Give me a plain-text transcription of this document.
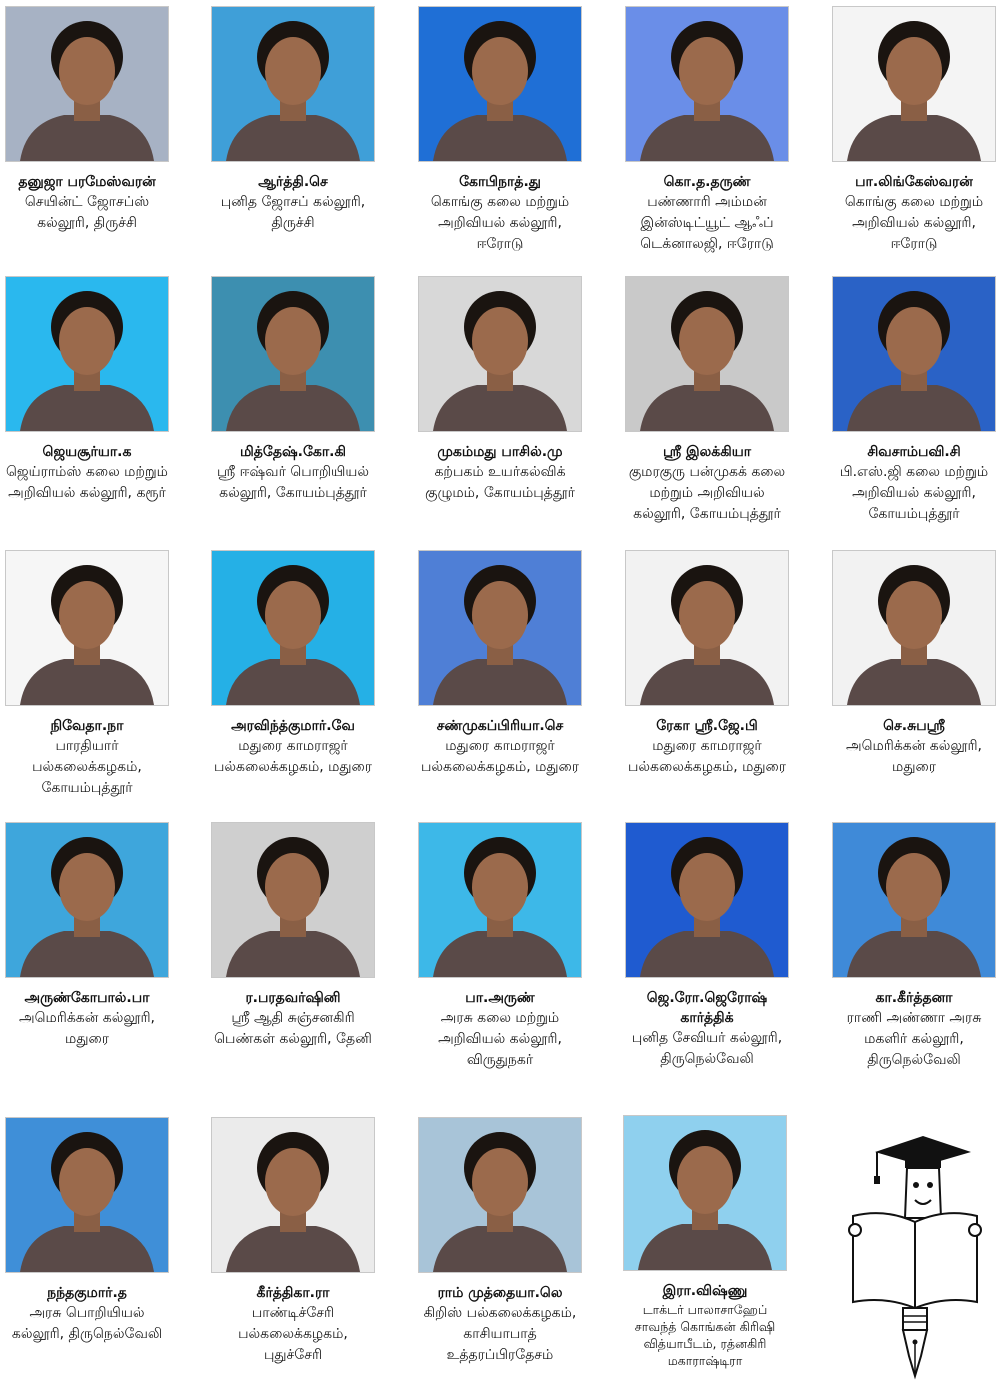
தனுஜா பரமேஸ்வரன்
செயின்ட் ஜோசப்ஸ் கல்லூரி, திருச்சி
ஆர்த்தி.செ
புனித ஜோசப் கல்லூரி, திருச்சி
கோபிநாத்.து
கொங்கு கலை மற்றும் அறிவியல் கல்லூரி, ஈரோடு
கொ.த.தருண்
பண்ணாரி அம்மன் இன்ஸ்டிட்யூட் ஆஃப் டெக்னாலஜி, ஈரோடு
பா.லிங்கேஸ்வரன்
கொங்கு கலை மற்றும் அறிவியல் கல்லூரி, ஈரோடு
ஜெயசூர்யா.க
ஜெய்ராம்ஸ் கலை மற்றும் அறிவியல் கல்லூரி, கரூர்
மித்தேஷ்.கோ.கி
ஸ்ரீ ஈஷ்வர் பொறியியல் கல்லூரி, கோயம்புத்தூர்
முகம்மது பாசில்.மு
கற்பகம் உயர்கல்விக் குழுமம், கோயம்புத்தூர்
ஸ்ரீ இலக்கியா
குமரகுரு பன்முகக் கலை மற்றும் அறிவியல் கல்லூரி, கோயம்புத்தூர்
சிவசாம்பவி.சி
பி.எஸ்.ஜி கலை மற்றும் அறிவியல் கல்லூரி, கோயம்புத்தூர்
நிவேதா.நா
பாரதியார் பல்கலைக்கழகம், கோயம்புத்தூர்
அரவிந்த்குமார்.வே
மதுரை காமராஜர் பல்கலைக்கழகம், மதுரை
சண்முகப்பிரியா.செ
மதுரை காமராஜர் பல்கலைக்கழகம், மதுரை
ரேகா ஸ்ரீ.ஜே.பி
மதுரை காமராஜர் பல்கலைக்கழகம், மதுரை
செ.சுபஸ்ரீ
அமெரிக்கன் கல்லூரி, மதுரை
அருண்கோபால்.பா
அமெரிக்கன் கல்லூரி, மதுரை
ர.பரதவர்ஷினி
ஸ்ரீ ஆதி சுஞ்சனகிரி பெண்கள் கல்லூரி, தேனி
பா.அருண்
அரசு கலை மற்றும் அறிவியல் கல்லூரி, விருதுநகர்
ஜெ.ரோ.ஜெரோஷ் கார்த்திக்
புனித சேவியர் கல்லூரி, திருநெல்வேலி
கா.கீர்த்தனா
ராணி அண்ணா அரசு மகளிர் கல்லூரி, திருநெல்வேலி
நந்தகுமார்.த
அரசு பொறியியல் கல்லூரி, திருநெல்வேலி
கீர்த்திகா.ரா
பாண்டிச்சேரி பல்கலைக்கழகம், புதுச்சேரி
ராம் முத்தையா.லெ
கிறிஸ் பல்கலைக்கழகம், காசியாபாத் உத்தரப்பிரதேசம்
இரா.விஷ்ணு
டாக்டர் பாலாசாஹேப் சாவந்த் கொங்கன் கிரிஷி வித்யாபீடம், ரத்னகிரி மகாராஷ்டிரா
